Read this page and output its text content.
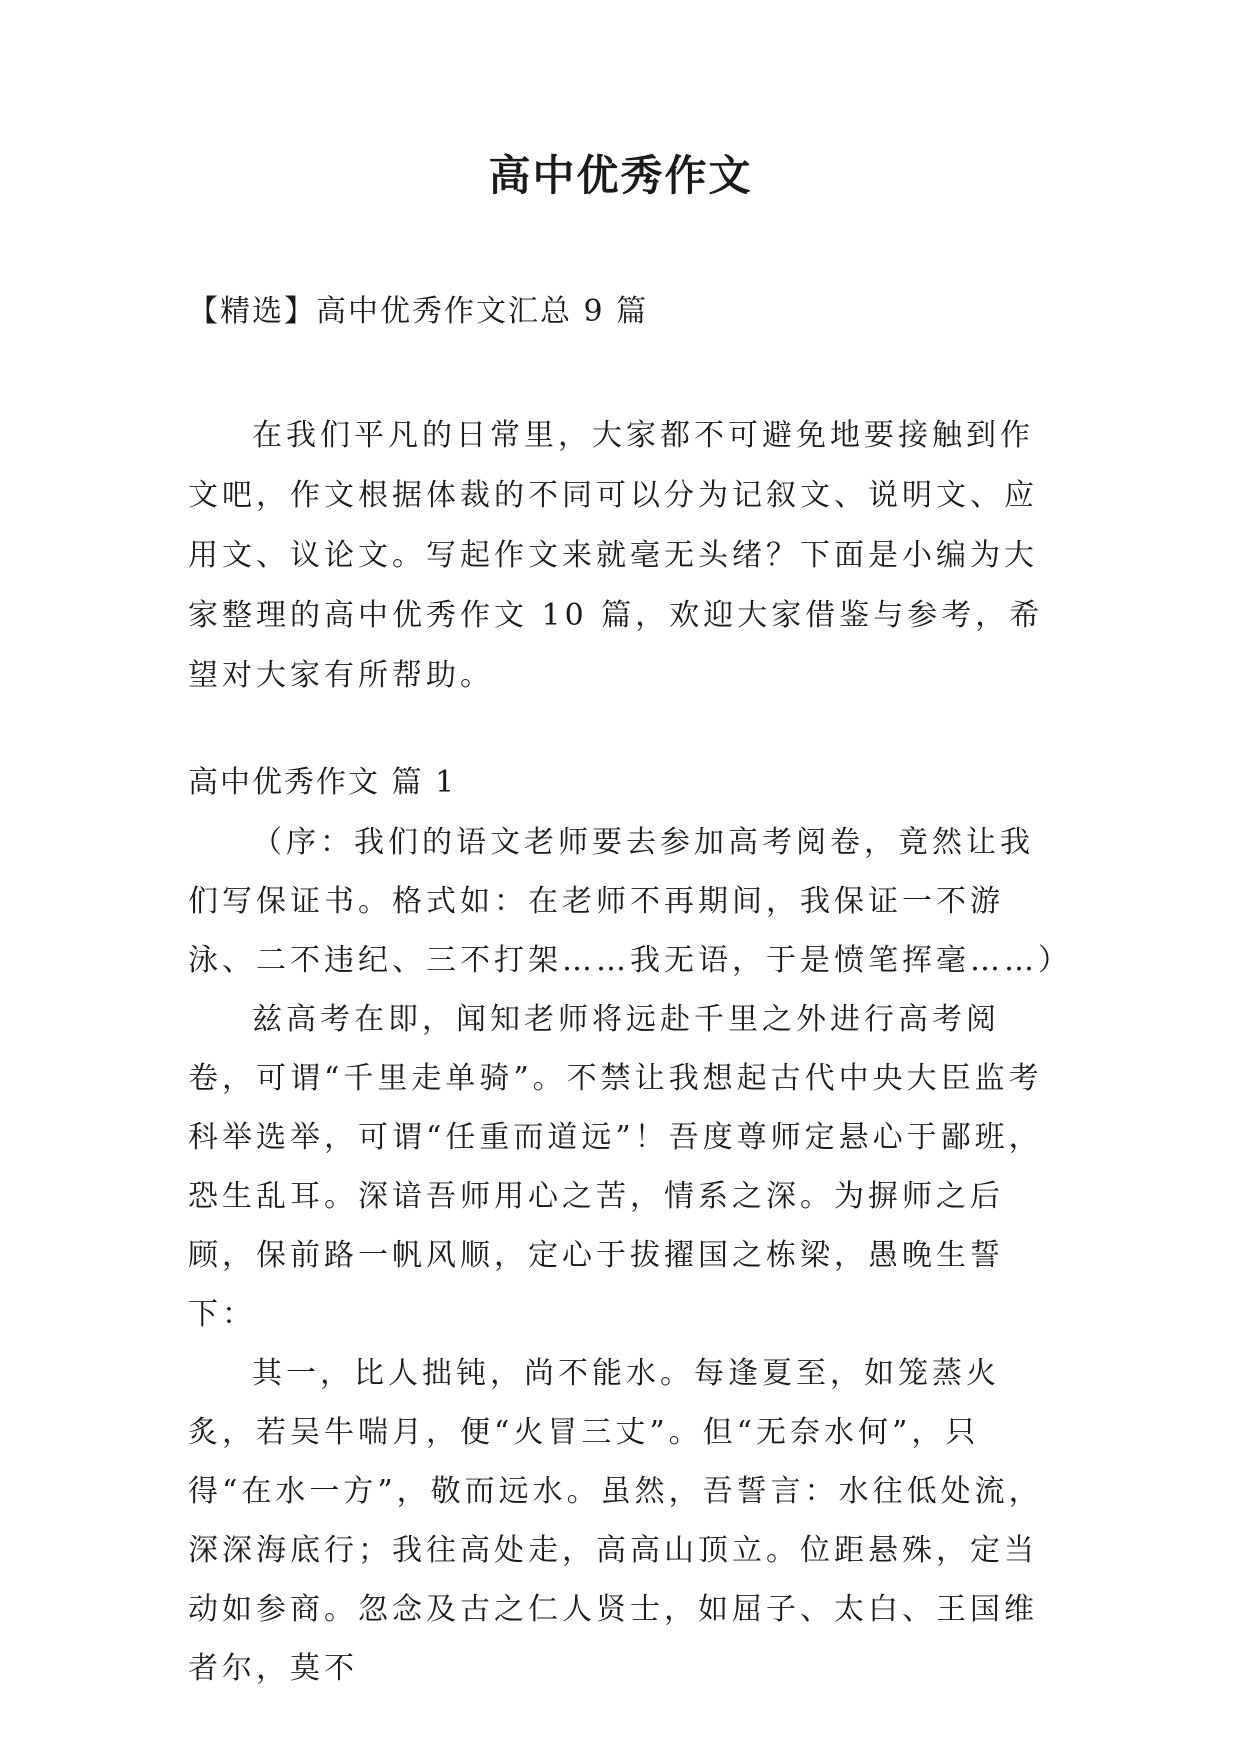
高中优秀作文
【精选】高中优秀作文汇总 9 篇

在我们平凡的日常里，大家都不可避免地要接触到作文吧，作文根据体裁的不同可以分为记叙文、说明文、应用文、议论文。写起作文来就毫无头绪？下面是小编为大家整理的高中优秀作文 10 篇，欢迎大家借鉴与参考，希望对大家有所帮助。

高中优秀作文 篇 1

（序：我们的语文老师要去参加高考阅卷，竟然让我们写保证书。格式如：在老师不再期间，我保证一不游泳、二不违纪、三不打架……我无语，于是愤笔挥毫……）

兹高考在即，闻知老师将远赴千里之外进行高考阅卷，可谓“千里走单骑”。不禁让我想起古代中央大臣监考科举选举，可谓“任重而道远”！吾度尊师定悬心于鄙班，恐生乱耳。深谙吾师用心之苦，情系之深。为摒师之后顾，保前路一帆风顺，定心于拔擢国之栋梁，愚晚生誓下：

其一，比人拙钝，尚不能水。每逢夏至，如笼蒸火炙，若吴牛喘月，便“火冒三丈”。但“无奈水何”，只得“在水一方”，敬而远水。虽然，吾誓言：水往低处流，深深海底行；我往高处走，高高山顶立。位距悬殊，定当动如参商。忽念及古之仁人贤士，如屈子、太白、王国维者尔，莫不
